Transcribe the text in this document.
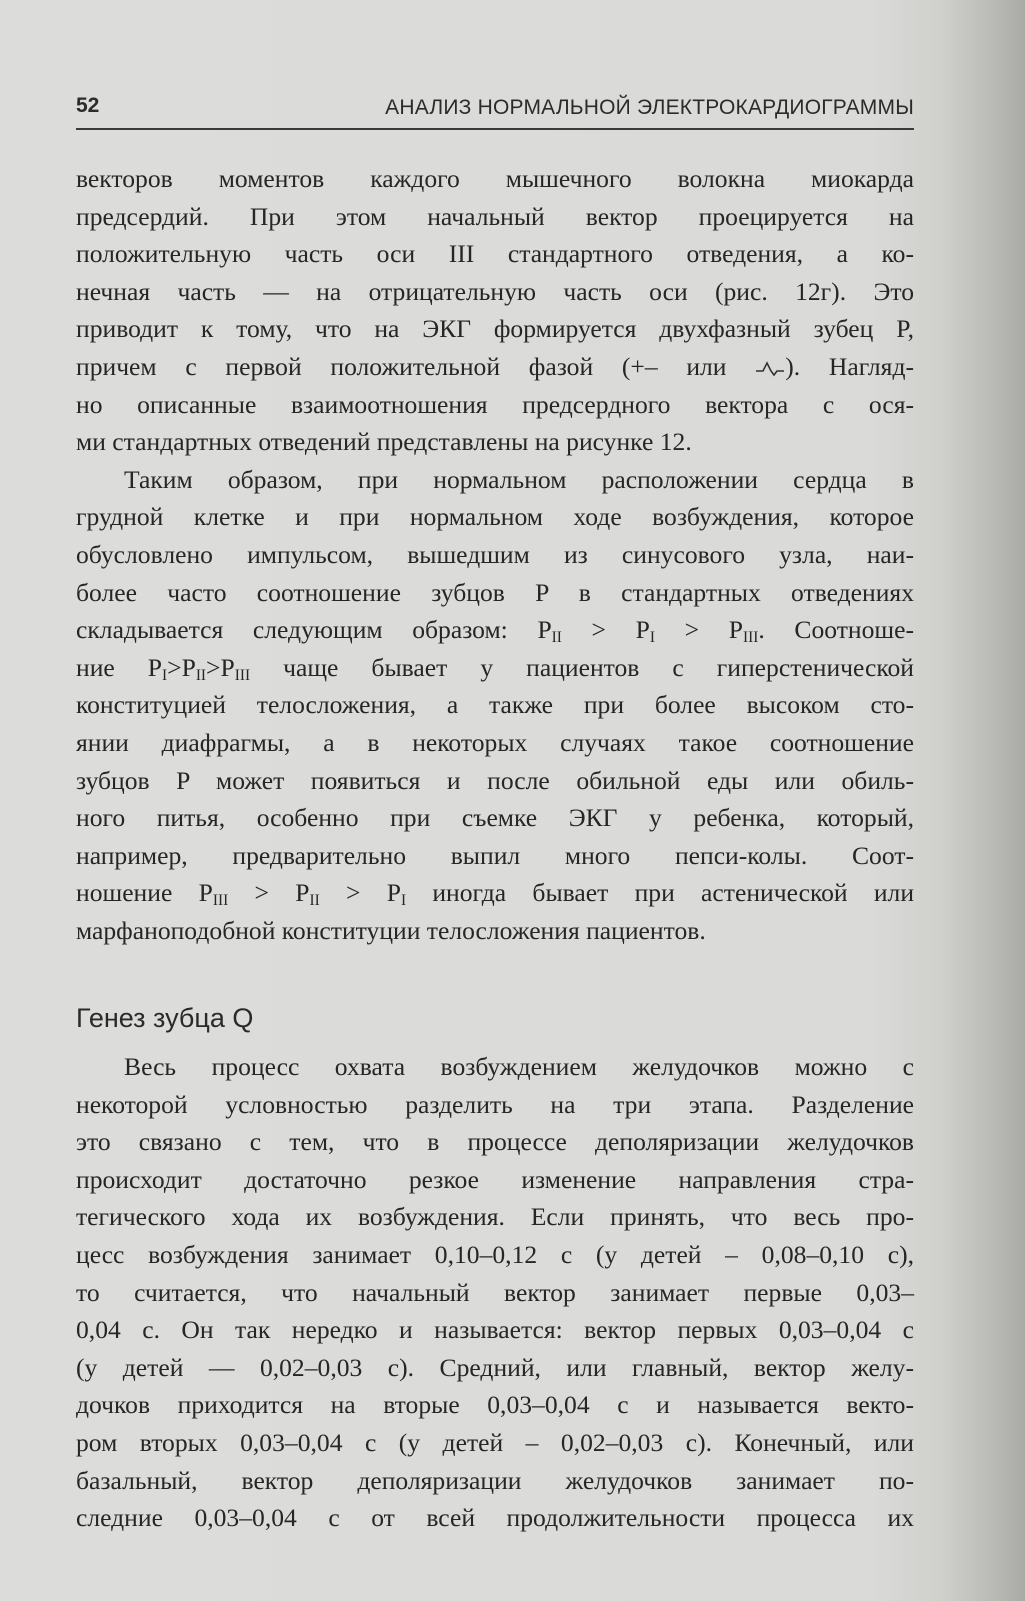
52	АНАЛИЗ НОРМАЛЬНОЙ ЭЛЕКТРОКАРДИОГРАММЫ

векторов моментов каждого мышечного волокна миокарда

предсердий. При этом начальный вектор проецируется на

положительную часть оси III стандартного отведения, а ко-

нечная часть — на отрицательную часть оси (рис. 12г). Это

приводит к тому, что на ЭКГ формируется двухфазный зубец P,

причем с первой положительной фазой (+– или ). Нагляд-

но описанные взаимоотношения предсердного вектора с ося-

ми стандартных отведений представлены на рисунке 12.

Таким образом, при нормальном расположении сердца в

грудной клетке и при нормальном ходе возбуждения, которое

обусловлено импульсом, вышедшим из синусового узла, наи-

более часто соотношение зубцов P в стандартных отведениях

складывается следующим образом: $P_{II} > P_I > P_{III}$. Соотноше-

ние $P_I>P_{II}>P_{III}$ чаще бывает у пациентов с гиперстенической

конституцией телосложения, а также при более высоком сто-

янии диафрагмы, а в некоторых случаях такое соотношение

зубцов P может появиться и после обильной еды или обиль-

ного питья, особенно при съемке ЭКГ у ребенка, который,

например, предварительно выпил много пепси-колы. Соот-

ношение $P_{III} > P_{II} > P_I$ иногда бывает при астенической или

марфаноподобной конституции телосложения пациентов.

Генез зубца Q

Весь процесс охвата возбуждением желудочков можно с

некоторой условностью разделить на три этапа. Разделение

это связано с тем, что в процессе деполяризации желудочков

происходит достаточно резкое изменение направления стра-

тегического хода их возбуждения. Если принять, что весь про-

цесс возбуждения занимает 0,10–0,12 с (у детей – 0,08–0,10 с),

то считается, что начальный вектор занимает первые 0,03–

0,04 с. Он так нередко и называется: вектор первых 0,03–0,04 с

(у детей — 0,02–0,03 с). Средний, или главный, вектор желу-

дочков приходится на вторые 0,03–0,04 с и называется векто-

ром вторых 0,03–0,04 с (у детей – 0,02–0,03 с). Конечный, или

базальный, вектор деполяризации желудочков занимает по-

следние 0,03–0,04 с от всей продолжительности процесса их
